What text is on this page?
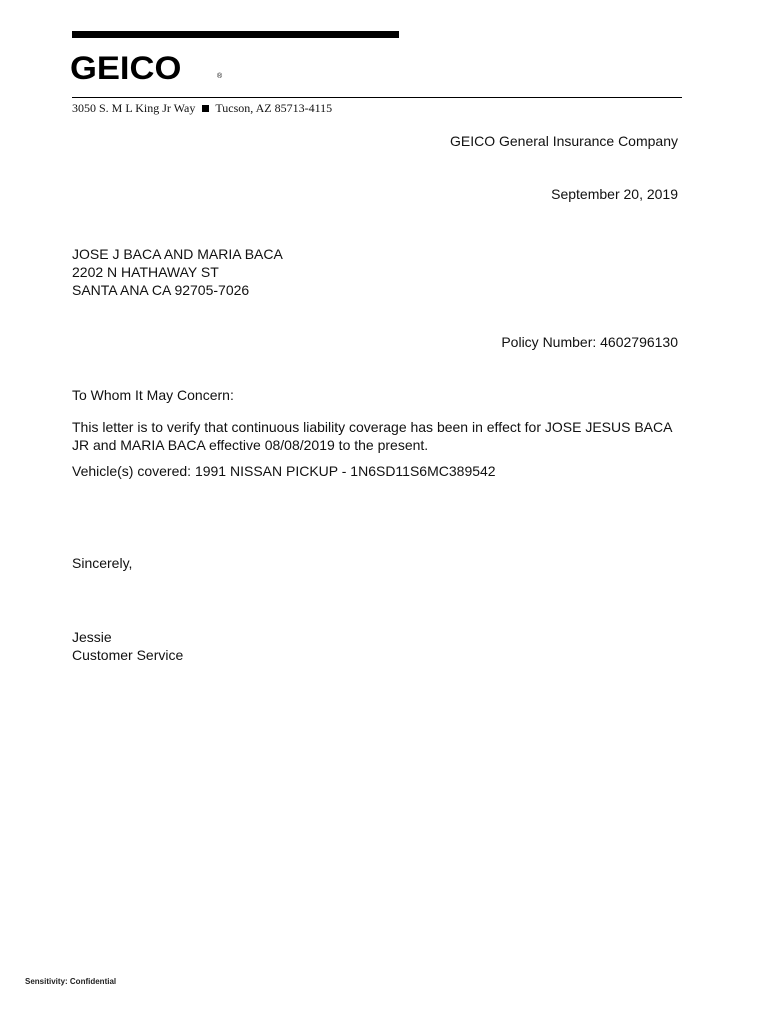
GEICO	®
3050 S. M L King Jr Way Tucson, AZ 85713-4115
GEICO General Insurance Company
September 20, 2019
JOSE J BACA AND MARIA BACA
2202 N HATHAWAY ST
SANTA ANA CA 92705-7026
Policy Number: 4602796130
To Whom It May Concern:
This letter is to verify that continuous liability coverage has been in effect for JOSE JESUS BACA JR and MARIA BACA effective 08/08/2019 to the present.
Vehicle(s) covered: 1991 NISSAN PICKUP - 1N6SD11S6MC389542
Sincerely,
Jessie
Customer Service
Sensitivity: Confidential
